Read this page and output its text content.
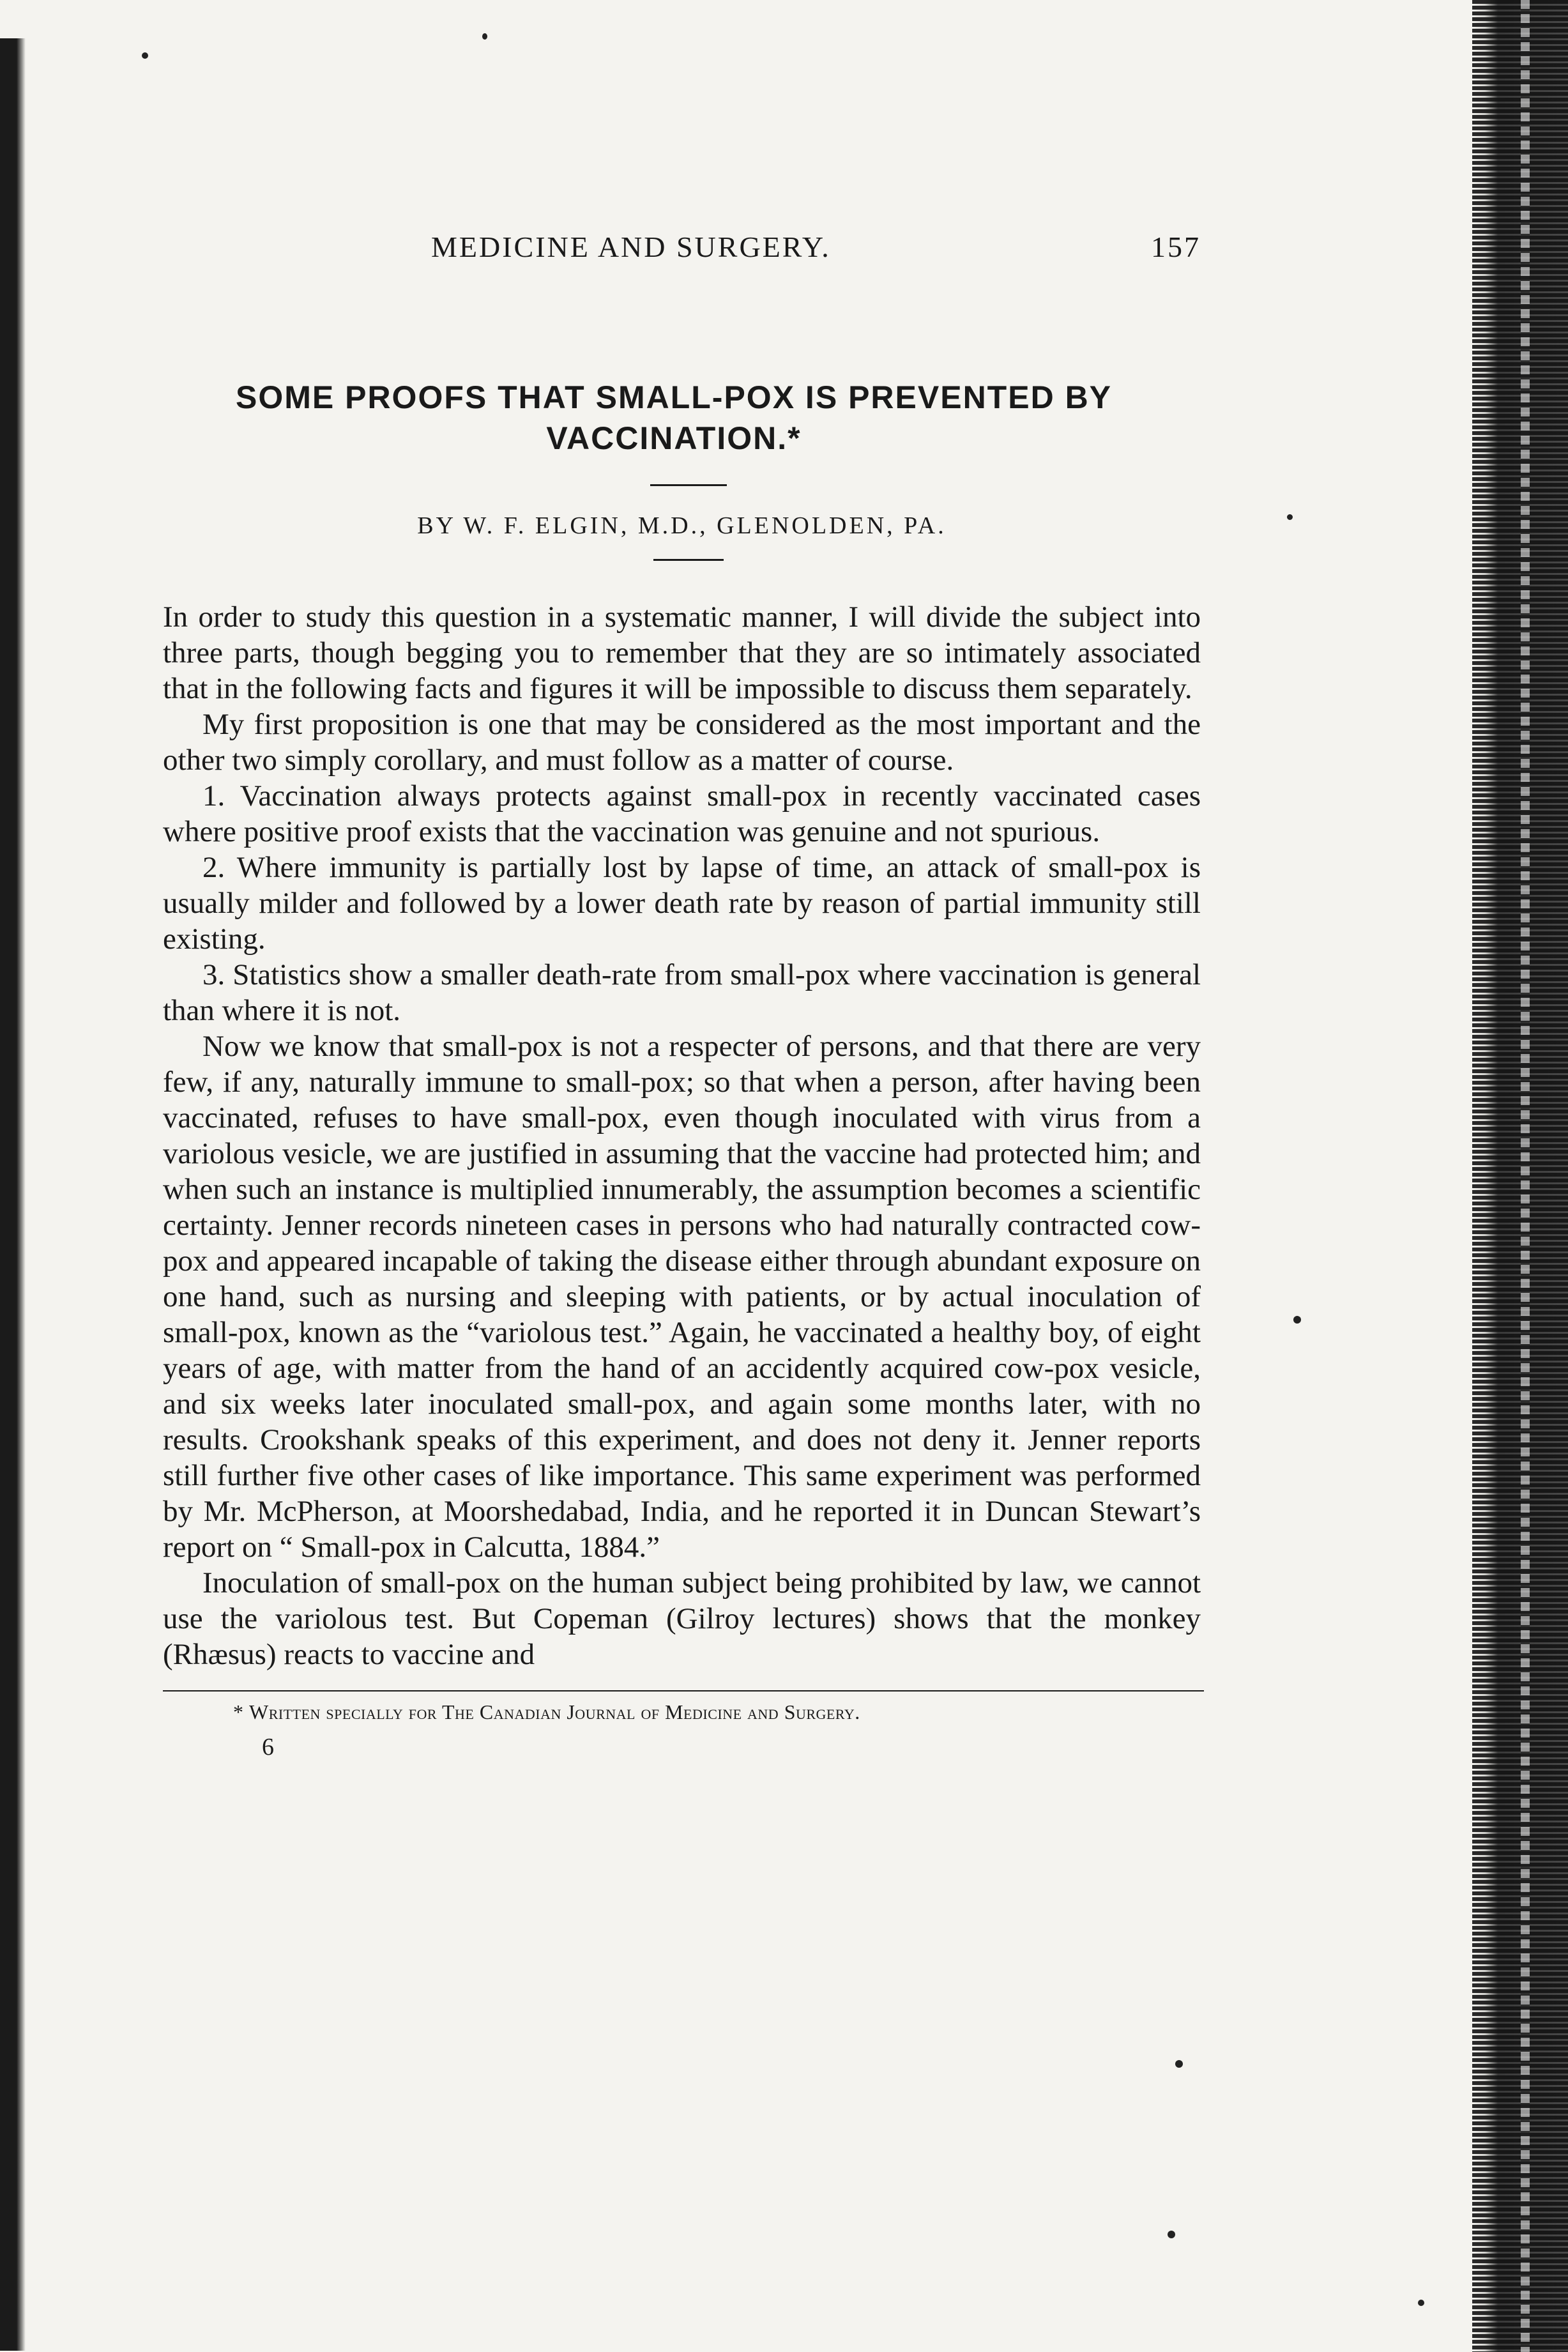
MEDICINE AND SURGERY.	157
SOME PROOFS THAT SMALL-POX IS PREVENTED BY VACCINATION.*
BY W. F. ELGIN, M.D., GLENOLDEN, PA.

In order to study this question in a systematic manner, I will divide the subject into three parts, though begging you to remember that they are so intimately associated that in the following facts and figures it will be impossible to discuss them separately.

My first proposition is one that may be considered as the most important and the other two simply corollary, and must follow as a matter of course.

1. Vaccination always protects against small-pox in recently vaccinated cases where positive proof exists that the vaccination was genuine and not spurious.

2. Where immunity is partially lost by lapse of time, an attack of small-pox is usually milder and followed by a lower death rate by reason of partial immunity still existing.

3. Statistics show a smaller death-rate from small-pox where vaccination is general than where it is not.

Now we know that small-pox is not a respecter of persons, and that there are very few, if any, naturally immune to small-pox; so that when a person, after having been vaccinated, refuses to have small-pox, even though inoculated with virus from a variolous vesicle, we are justified in assuming that the vaccine had protected him; and when such an instance is multiplied innumerably, the assumption becomes a scientific certainty. Jenner records nineteen cases in persons who had naturally contracted cow-pox and appeared incapable of taking the disease either through abundant exposure on one hand, such as nursing and sleeping with patients, or by actual inoculation of small-pox, known as the “variolous test.” Again, he vaccinated a healthy boy, of eight years of age, with matter from the hand of an accidently acquired cow-pox vesicle, and six weeks later inoculated small-pox, and again some months later, with no results. Crookshank speaks of this experiment, and does not deny it. Jenner reports still further five other cases of like importance. This same experiment was performed by Mr. McPherson, at Moorshedabad, India, and he reported it in Duncan Stewart’s report on “ Small-pox in Calcutta, 1884.”

Inoculation of small-pox on the human subject being prohibited by law, we cannot use the variolous test. But Copeman (Gilroy lectures) shows that the monkey (Rhæsus) reacts to vaccine and

* Written specially for The Canadian Journal of Medicine and Surgery.
6
